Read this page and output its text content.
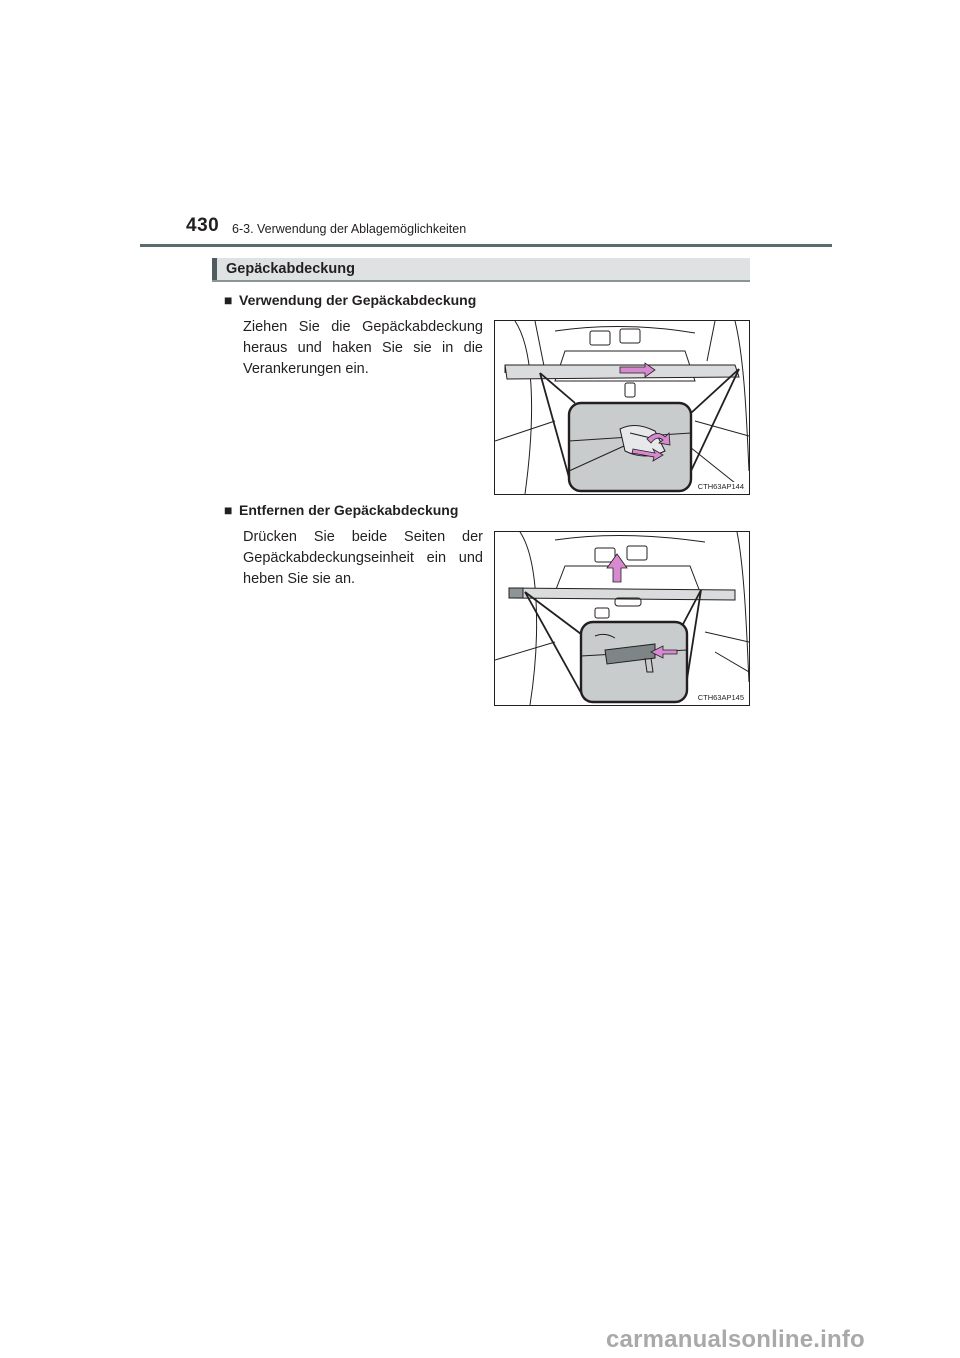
430 6-3. Verwendung der Ablagemöglichkeiten
Gepäckabdeckung
■ Verwendung der Gepäckabdeckung
Ziehen Sie die Gepäckabdeckung heraus und haken Sie sie in die Verankerungen ein.
CTH63AP144
■ Entfernen der Gepäckabdeckung
Drücken Sie beide Seiten der Gepäckabdeckungseinheit ein und heben Sie sie an.
CTH63AP145
carmanualsonline.info
